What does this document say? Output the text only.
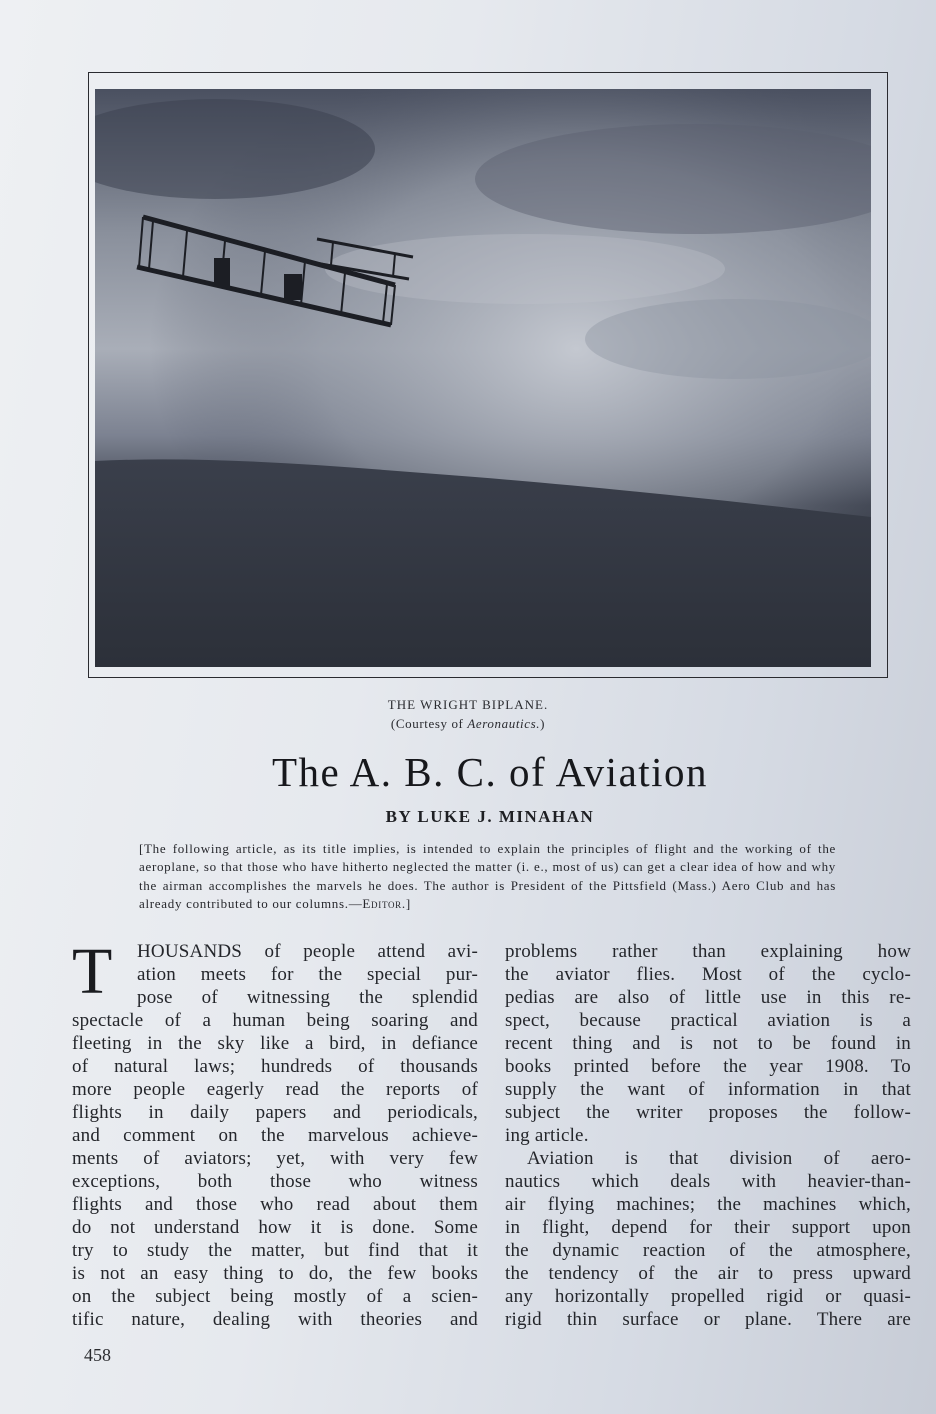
THE WRIGHT BIPLANE.
(Courtesy of Aeronautics.)
The A. B. C. of Aviation
BY LUKE J. MINAHAN
[The following article, as its title implies, is intended to explain the principles of flight and the working of the aeroplane, so that those who have hitherto neglected the matter (i. e., most of us) can get a clear idea of how and why the airman accomplishes the marvels he does. The author is President of the Pittsfield (Mass.) Aero Club and has already contributed to our columns.—Editor.]
T	HOUSANDS of people attend avi-
ation meets for the special pur-
pose of witnessing the splendid
spectacle of a human being soaring and
fleeting in the sky like a bird, in defiance
of natural laws; hundreds of thousands
more people eagerly read the reports of
flights in daily papers and periodicals,
and comment on the marvelous achieve-
ments of aviators; yet, with very few
exceptions, both those who witness
flights and those who read about them
do not understand how it is done. Some
try to study the matter, but find that it
is not an easy thing to do, the few books
on the subject being mostly of a scien-
tific nature, dealing with theories and
problems rather than explaining how
the aviator flies. Most of the cyclo-
pedias are also of little use in this re-
spect, because practical aviation is a
recent thing and is not to be found in
books printed before the year 1908. To
supply the want of information in that
subject the writer proposes the follow-
ing article.
Aviation is that division of aero-
nautics which deals with heavier-than-
air flying machines; the machines which,
in flight, depend for their support upon
the dynamic reaction of the atmosphere,
the tendency of the air to press upward
any horizontally propelled rigid or quasi-
rigid thin surface or plane. There are
458
